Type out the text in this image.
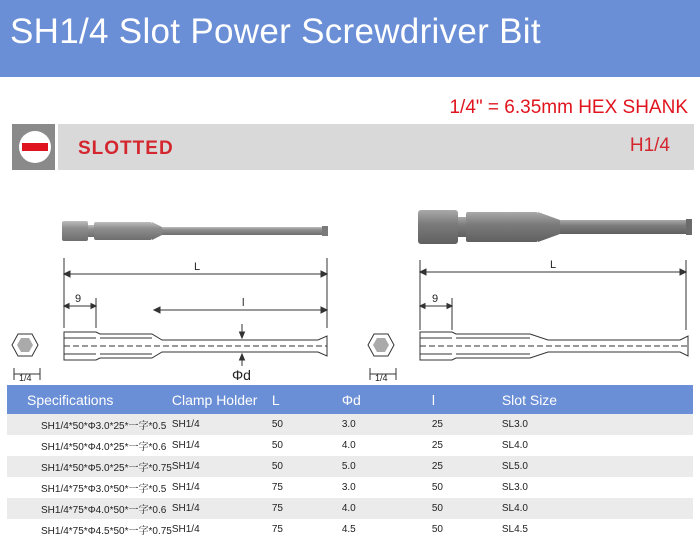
SH1/4 Slot Power Screwdriver Bit
1/4" = 6.35mm HEX SHANK
SLOTTED	H1/4
L
9	l
Φd
1/4
L
9
1/4
Specifications	Clamp Holder	L	Φd	l	Slot Size
SH1/4*50*Φ3.0*25*一字*0.5	SH1/4	50	3.0	25	SL3.0
SH1/4*50*Φ4.0*25*一字*0.6	SH1/4	50	4.0	25	SL4.0
SH1/4*50*Φ5.0*25*一字*0.75	SH1/4	50	5.0	25	SL5.0
SH1/4*75*Φ3.0*50*一字*0.5	SH1/4	75	3.0	50	SL3.0
SH1/4*75*Φ4.0*50*一字*0.6	SH1/4	75	4.0	50	SL4.0
SH1/4*75*Φ4.5*50*一字*0.75	SH1/4	75	4.5	50	SL4.5
